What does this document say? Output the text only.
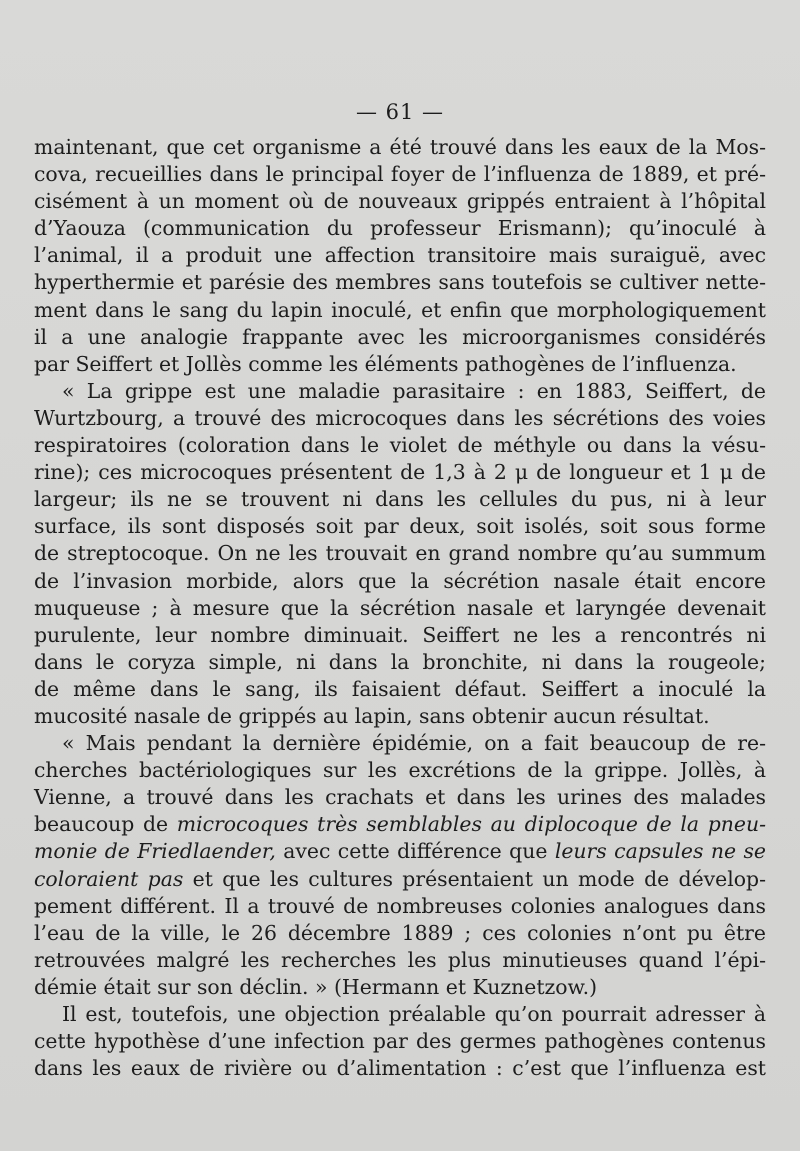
— 61 —
maintenant, que cet organisme a été trouvé dans les eaux de la Mos-
cova, recueillies dans le principal foyer de l’influenza de 1889, et pré-
cisément à un moment où de nouveaux grippés entraient à l’hôpital
d’Yaouza (communication du professeur Erismann); qu’inoculé à
l’animal, il a produit une affection transitoire mais suraiguë, avec
hyperthermie et parésie des membres sans toutefois se cultiver nette-
ment dans le sang du lapin inoculé, et enfin que morphologiquement
il a une analogie frappante avec les microorganismes considérés
par Seiffert et Jollès comme les éléments pathogènes de l’influenza.
« La grippe est une maladie parasitaire : en 1883, Seiffert, de
Wurtzbourg, a trouvé des microcoques dans les sécrétions des voies
respiratoires (coloration dans le violet de méthyle ou dans la vésu-
rine); ces microcoques présentent de 1,3 à 2 μ de longueur et 1 μ de
largeur; ils ne se trouvent ni dans les cellules du pus, ni à leur
surface, ils sont disposés soit par deux, soit isolés, soit sous forme
de streptocoque. On ne les trouvait en grand nombre qu’au summum
de l’invasion morbide, alors que la sécrétion nasale était encore
muqueuse ; à mesure que la sécrétion nasale et laryngée devenait
purulente, leur nombre diminuait. Seiffert ne les a rencontrés ni
dans le coryza simple, ni dans la bronchite, ni dans la rougeole;
de même dans le sang, ils faisaient défaut. Seiffert a inoculé la
mucosité nasale de grippés au lapin, sans obtenir aucun résultat.
« Mais pendant la dernière épidémie, on a fait beaucoup de re-
cherches bactériologiques sur les excrétions de la grippe. Jollès, à
Vienne, a trouvé dans les crachats et dans les urines des malades
beaucoup de microcoques très semblables au diplocoque de la pneu-
monie de Friedlaender, avec cette différence que leurs capsules ne se
coloraient pas et que les cultures présentaient un mode de dévelop-
pement différent. Il a trouvé de nombreuses colonies analogues dans
l’eau de la ville, le 26 décembre 1889 ; ces colonies n’ont pu être
retrouvées malgré les recherches les plus minutieuses quand l’épi-
démie était sur son déclin. » (Hermann et Kuznetzow.)
Il est, toutefois, une objection préalable qu’on pourrait adresser à
cette hypothèse d’une infection par des germes pathogènes contenus
dans les eaux de rivière ou d’alimentation : c’est que l’influenza est
